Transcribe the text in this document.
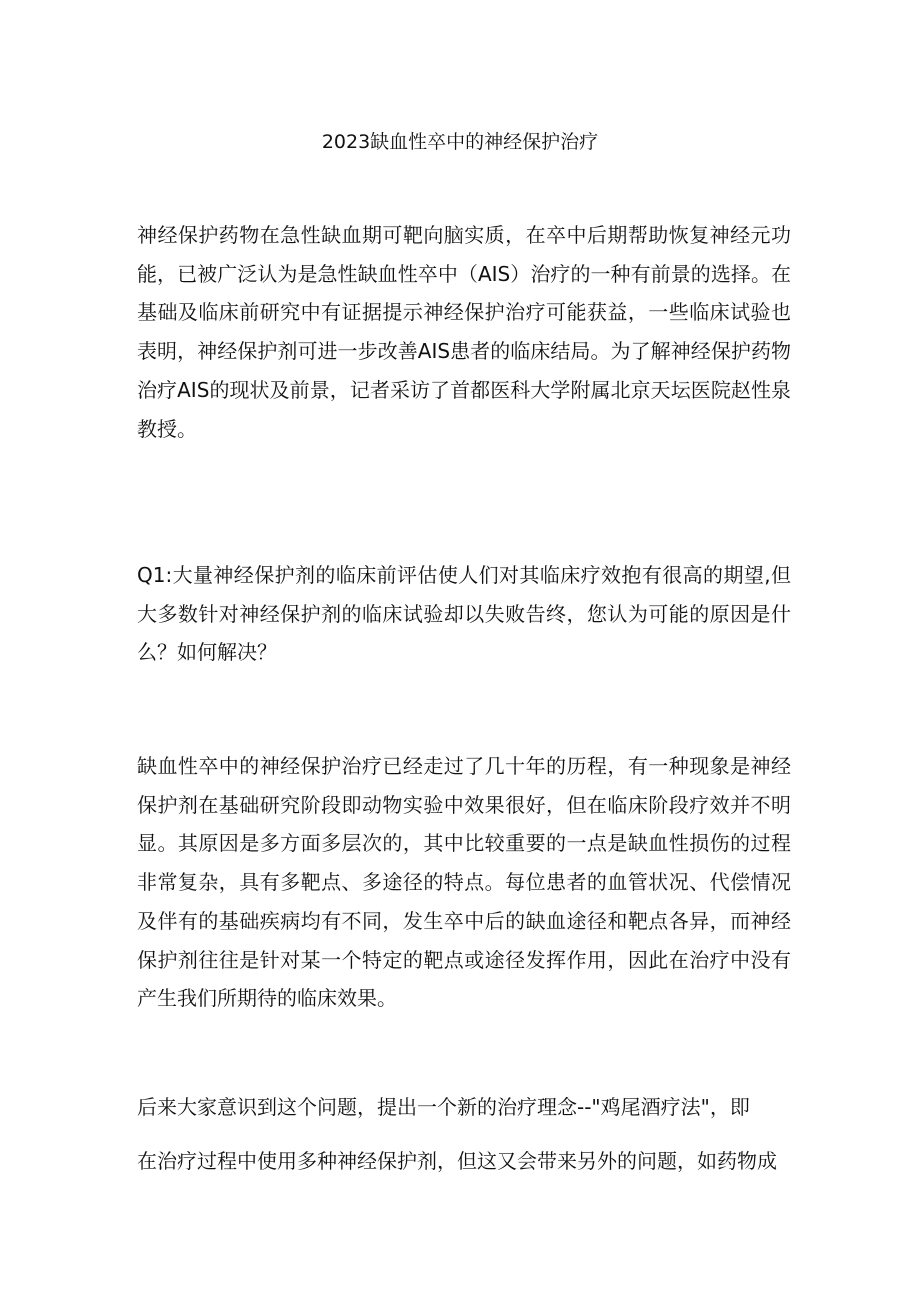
2023缺血性卒中的神经保护治疗

神经保护药物在急性缺血期可靶向脑实质，在卒中后期帮助恢复神经元功能，已被广泛认为是急性缺血性卒中（AIS）治疗的一种有前景的选择。在基础及临床前研究中有证据提示神经保护治疗可能获益，一些临床试验也表明，神经保护剂可进一步改善AIS患者的临床结局。为了解神经保护药物治疗AIS的现状及前景，记者采访了首都医科大学附属北京天坛医院赵性泉教授。

Q1:大量神经保护剂的临床前评估使人们对其临床疗效抱有很高的期望,但大多数针对神经保护剂的临床试验却以失败告终，您认为可能的原因是什么？如何解决？

缺血性卒中的神经保护治疗已经走过了几十年的历程，有一种现象是神经保护剂在基础研究阶段即动物实验中效果很好，但在临床阶段疗效并不明显。其原因是多方面多层次的，其中比较重要的一点是缺血性损伤的过程非常复杂，具有多靶点、多途径的特点。每位患者的血管状况、代偿情况及伴有的基础疾病均有不同，发生卒中后的缺血途径和靶点各异，而神经保护剂往往是针对某一个特定的靶点或途径发挥作用，因此在治疗中没有产生我们所期待的临床效果。

后来大家意识到这个问题，提出一个新的治疗理念--"鸡尾酒疗法"，即

在治疗过程中使用多种神经保护剂，但这又会带来另外的问题，如药物成
